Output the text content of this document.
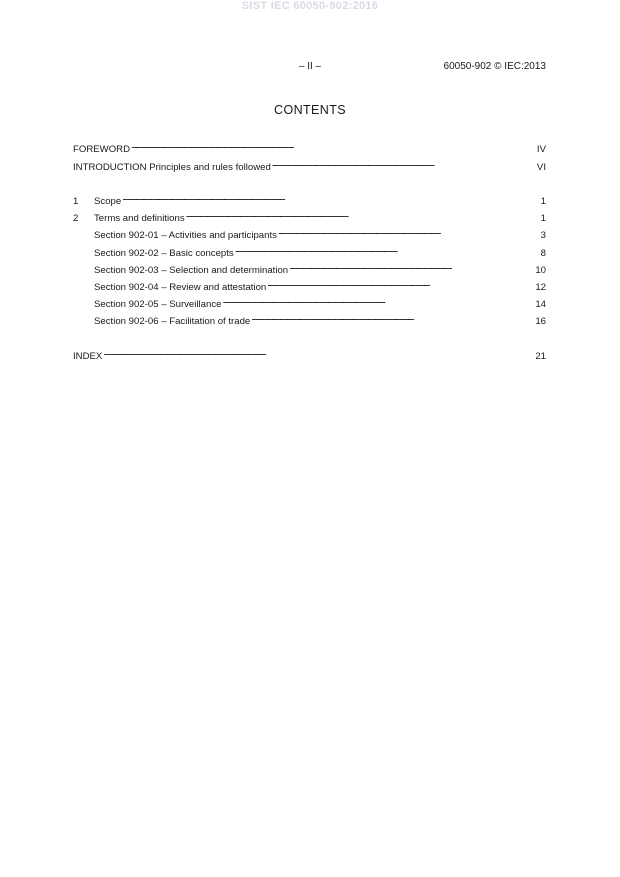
SIST IEC 60050-902:2016
– II –	60050-902 © IEC:2013
CONTENTS
FOREWORD . . .	IV
INTRODUCTION Principles and rules followed . . .	VI
1	Scope . . .	1
2	Terms and definitions . . .	1
Section 902-01 – Activities and participants . . .	3
Section 902-02 – Basic concepts . . .	8
Section 902-03 – Selection and determination . . .	10
Section 902-04 – Review and attestation . . .	12
Section 902-05 – Surveillance . . .	14
Section 902-06 – Facilitation of trade . . .	16
INDEX . . .	21
